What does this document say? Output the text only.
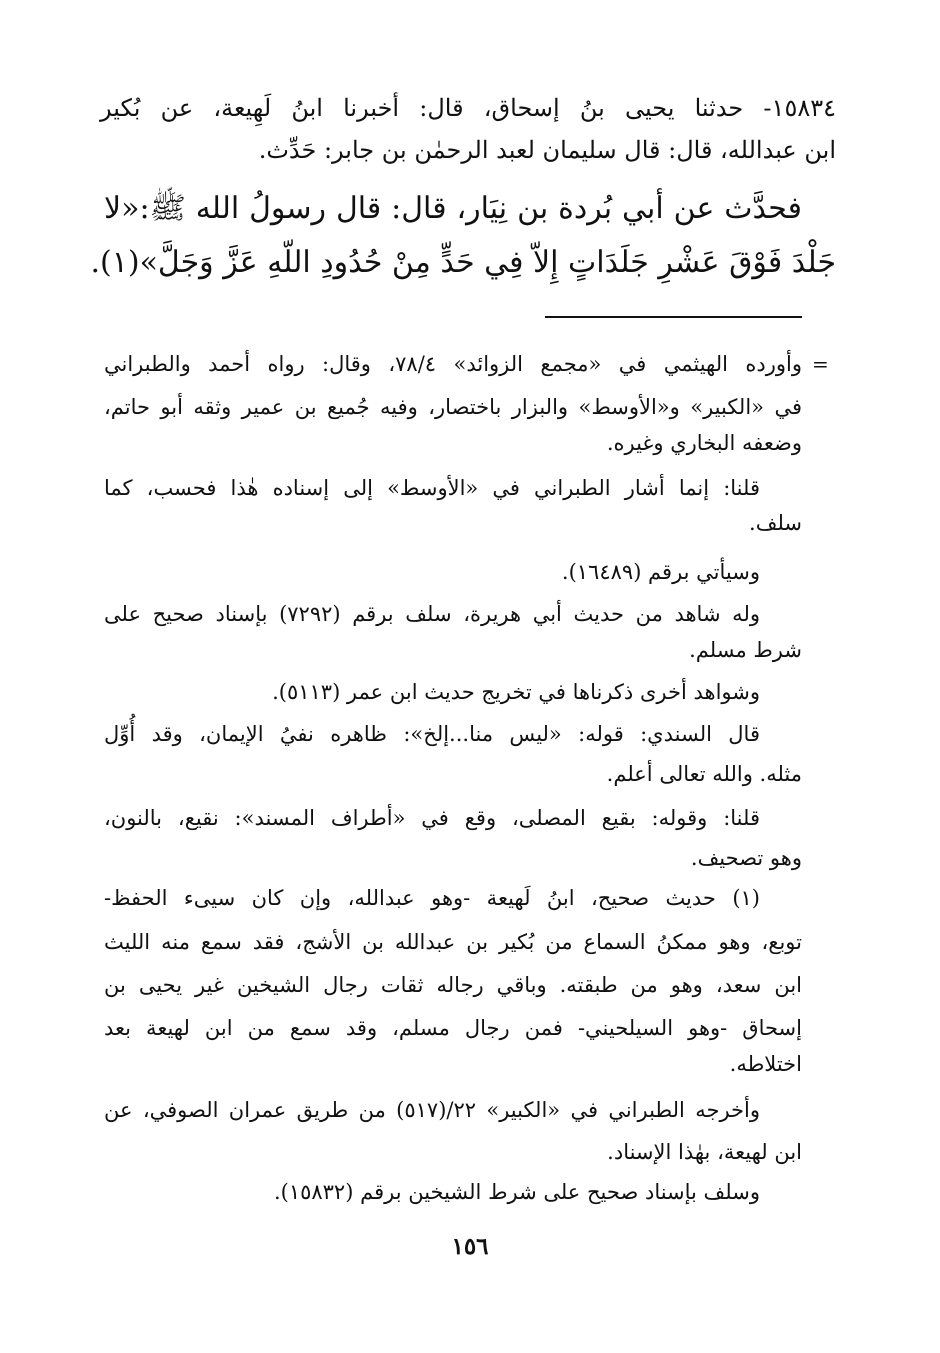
١٥٨٣٤- حدثنا يحيى بنُ إسحاق، قال: أخبرنا ابنُ لَهِيعة، عن بُكير
ابن عبدالله، قال: قال سليمان لعبد الرحمٰن بن جابر: حَدِّث.
فحدَّث عن أبي بُردة بن نِيَار، قال: قال رسولُ الله ﷺ:«لا
جَلْدَ فَوْقَ عَشْرِ جَلَدَاتٍ إِلاّ فِي حَدٍّ مِنْ حُدُودِ اللّهِ عَزَّ وَجَلَّ»(١).
=
وأورده الهيثمي في «مجمع الزوائد» ٧٨/٤، وقال: رواه أحمد والطبراني
في «الكبير» و«الأوسط» والبزار باختصار، وفيه جُميع بن عمير وثقه أبو حاتم،
وضعفه البخاري وغيره.
قلنا: إنما أشار الطبراني في «الأوسط» إلى إسناده هٰذا فحسب، كما
سلف.
وسيأتي برقم (١٦٤٨٩).
وله شاهد من حديث أبي هريرة، سلف برقم (٧٢٩٢) بإسناد صحيح على
شرط مسلم.
وشواهد أخرى ذكرناها في تخريج حديث ابن عمر (٥١١٣).
قال السندي: قوله: «ليس منا...إلخ»: ظاهره نفيُ الإيمان، وقد أُوِّل
مثله. والله تعالى أعلم.
قلنا: وقوله: بقيع المصلى، وقع في «أطراف المسند»: نقيع، بالنون،
وهو تصحيف.
(١) حديث صحيح، ابنُ لَهيعة -وهو عبدالله، وإن كان سيىء الحفظ-
توبع، وهو ممكنُ السماع من بُكير بن عبدالله بن الأشج، فقد سمع منه الليث
ابن سعد، وهو من طبقته. وباقي رجاله ثقات رجال الشيخين غير يحيى بن
إسحاق -وهو السيلحيني- فمن رجال مسلم، وقد سمع من ابن لهيعة بعد
اختلاطه.
وأخرجه الطبراني في «الكبير» ٢٢/(٥١٧) من طريق عمران الصوفي، عن
ابن لهيعة، بهٰذا الإسناد.
وسلف بإسناد صحيح على شرط الشيخين برقم (١٥٨٣٢).
١٥٦
